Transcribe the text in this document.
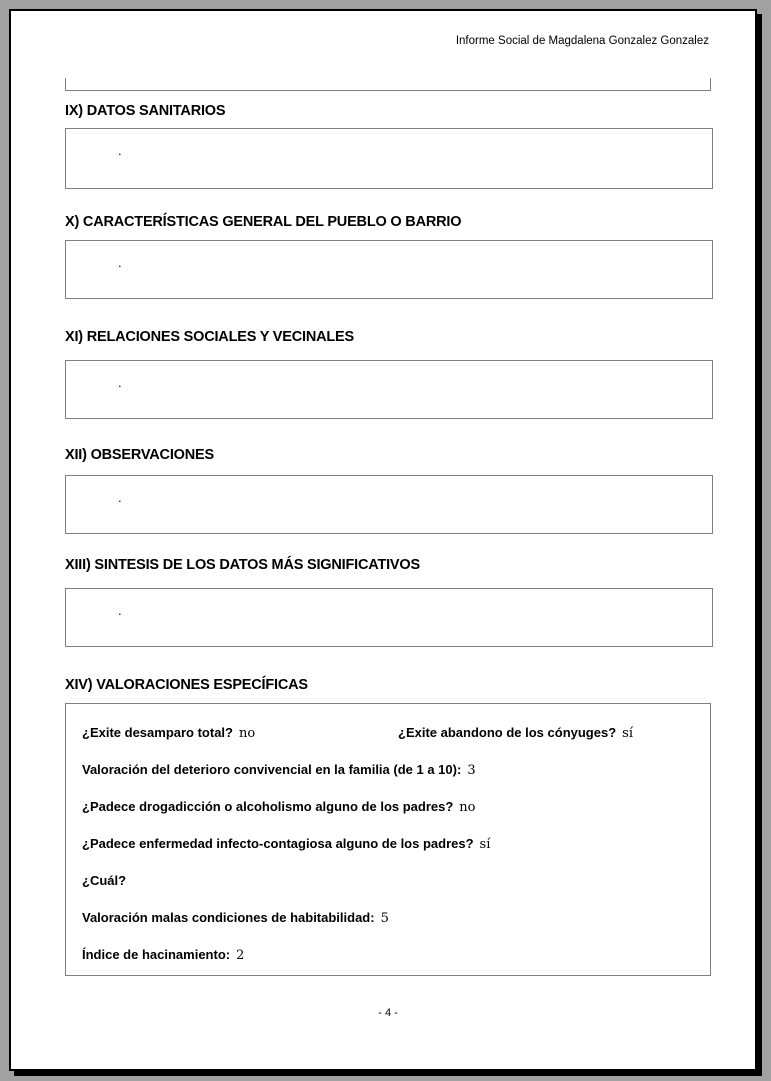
Informe Social de Magdalena Gonzalez Gonzalez
IX) DATOS SANITARIOS
.
X) CARACTERÍSTICAS GENERAL DEL PUEBLO O BARRIO
.
XI) RELACIONES SOCIALES Y VECINALES
.
XII) OBSERVACIONES
.
XIII) SINTESIS DE LOS DATOS MÁS SIGNIFICATIVOS
.
XIV) VALORACIONES ESPECÍFICAS
¿Exite desamparo total? no	¿Exite abandono de los cónyuges? sí
Valoración del deterioro convivencial en la familia (de 1 a 10): 3
¿Padece drogadicción o alcoholismo alguno de los padres? no
¿Padece enfermedad infecto-contagiosa alguno de los padres? sí
¿Cuál?
Valoración malas condiciones de habitabilidad: 5
Índice de hacinamiento: 2
- 4 -
